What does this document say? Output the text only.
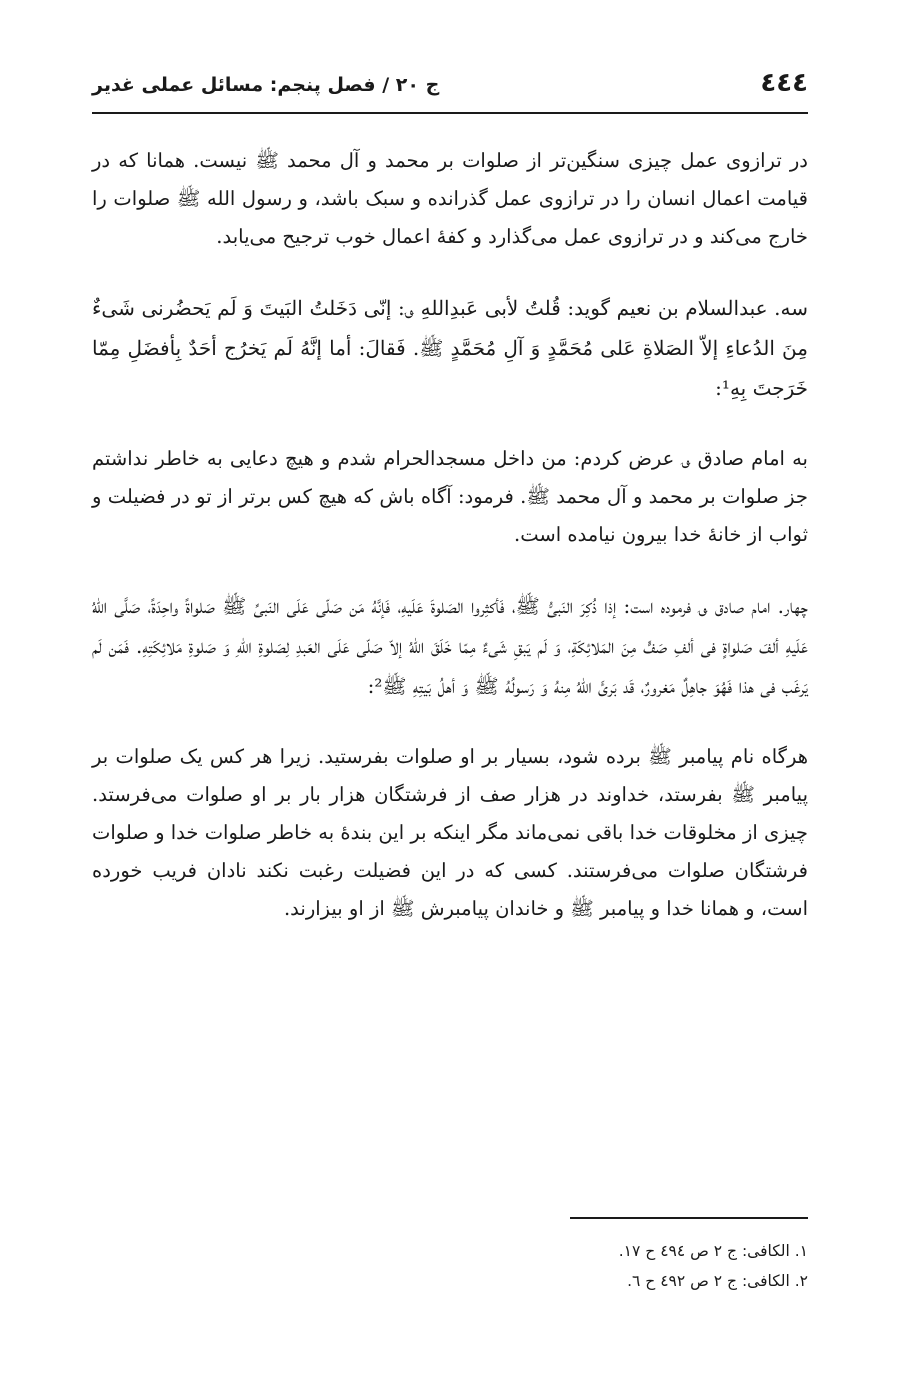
٤٤٤
ج ٢٠ / فصل پنجم: مسائل عملی غدیر

در ترازوی عمل چیزی سنگین‌تر از صلوات بر محمد و آل محمد ﷺ نیست. همانا که در قیامت اعمال انسان را در ترازوی عمل گذرانده و سبک باشد، و رسول الله ﷺ صلوات را خارج می‌کند و در ترازوی عمل می‌گذارد و کفهٔ اعمال خوب ترجیح می‌یابد.

سه. عبدالسلام بن نعیم گوید: قُلتُ لأبی عَبدِاللهِ ؈: إنّی دَخَلتُ البَیتَ وَ لَم یَحضُرنی شَیءٌ مِنَ الدُعاءِ إلاّ الصَلاةِ عَلی مُحَمَّدٍ وَ آلِ مُحَمَّدٍ ﷺ. فَقالَ: أما إنَّهُ لَم یَخرُج أحَدٌ بِأفضَلِ مِمّا خَرَجتَ بِهِ¹:

به امام صادق ؈ عرض کردم: من داخل مسجدالحرام شدم و هیچ دعایی به خاطر نداشتم جز صلوات بر محمد و آل محمد ﷺ. فرمود: آگاه باش که هیچ کس برتر از تو در فضیلت و ثواب از خانهٔ خدا بیرون نیامده است.

چهار. امام صادق ؈ فرموده است: إذا ذُکِرَ النَبیُّ ﷺ، فَأکثِروا الصَلوةَ عَلَیهِ، فَإنَّهُ مَن صَلّی عَلَی النَبیِّ ﷺ صَلواةً واحِدَةً، صَلَّی اللهُ عَلَیهِ ألفَ صَلواةٍ فی ألفِ صَفٍّ مِنَ المَلائِکَةِ، وَ لَم یَبقِ شَیءٌ مِمّا خَلَقَ اللهُ إلاّ صَلّی عَلَی العَبدِ لِصَلوةِ اللهِ وَ صَلوةِ مَلائِکَتِهِ. فَمَن لَم یَرغَب فی هذا فَهُوَ جاهِلٌ مَغرورٌ، قَد بَریَٔ اللهُ مِنهُ وَ رَسولُهُ ﷺ وَ أهلُ بَیتِهِ ﷺ²:

هرگاه نام پیامبر ﷺ برده شود، بسیار بر او صلوات بفرستید. زیرا هر کس یک صلوات بر پیامبر ﷺ بفرستد، خداوند در هزار صف از فرشتگان هزار بار بر او صلوات می‌فرستد. چیزی از مخلوقات خدا باقی نمی‌ماند مگر اینکه بر این بندهٔ به خاطر صلوات خدا و صلوات فرشتگان صلوات می‌فرستند. کسی که در این فضیلت رغبت نکند نادان فریب خورده است، و همانا خدا و پیامبر ﷺ و خاندان پیامبرش ﷺ از او بیزارند.

١. الکافی: ج ٢ ص ٤٩٤ ح ١٧.

٢. الکافی: ج ٢ ص ٤٩٢ ح ٦.
